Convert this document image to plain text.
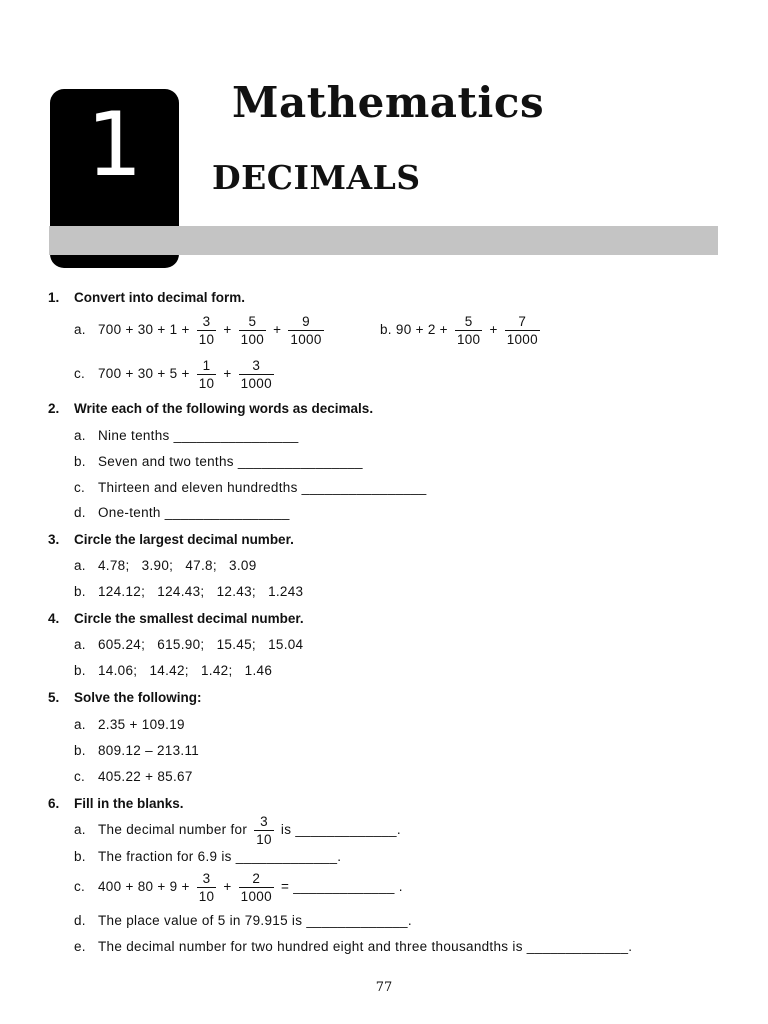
1	Mathematics
DECIMALS
1. Convert into decimal form.
a. $700 + 30 + 1 + \frac{3}{10} + \frac{5}{100} + \frac{9}{1000}$	b. $90 + 2 + \frac{5}{100} + \frac{7}{1000}$
c. $700 + 30 + 5 + \frac{1}{10} + \frac{3}{1000}$
2. Write each of the following words as decimals.
a. Nine tenths ________________
b. Seven and two tenths ________________
c. Thirteen and eleven hundredths ________________
d. One-tenth ________________
3. Circle the largest decimal number.
a. 4.78;   3.90;   47.8;   3.09
b. 124.12;   124.43;   12.43;   1.243
4. Circle the smallest decimal number.
a. 605.24;   615.90;   15.45;   15.04
b. 14.06;   14.42;   1.42;   1.46
5. Solve the following:
a. 2.35 + 109.19
b. 809.12 – 213.11
c. 405.22 + 85.67
6. Fill in the blanks.
a. The decimal number for $\frac{3}{10}$ is _____________.
b. The fraction for 6.9 is _____________.
c. $400 + 80 + 9 + \frac{3}{10} + \frac{2}{1000}$ = _____________ .
d. The place value of 5 in 79.915 is _____________.
e. The decimal number for two hundred eight and three thousandths is _____________.
77
